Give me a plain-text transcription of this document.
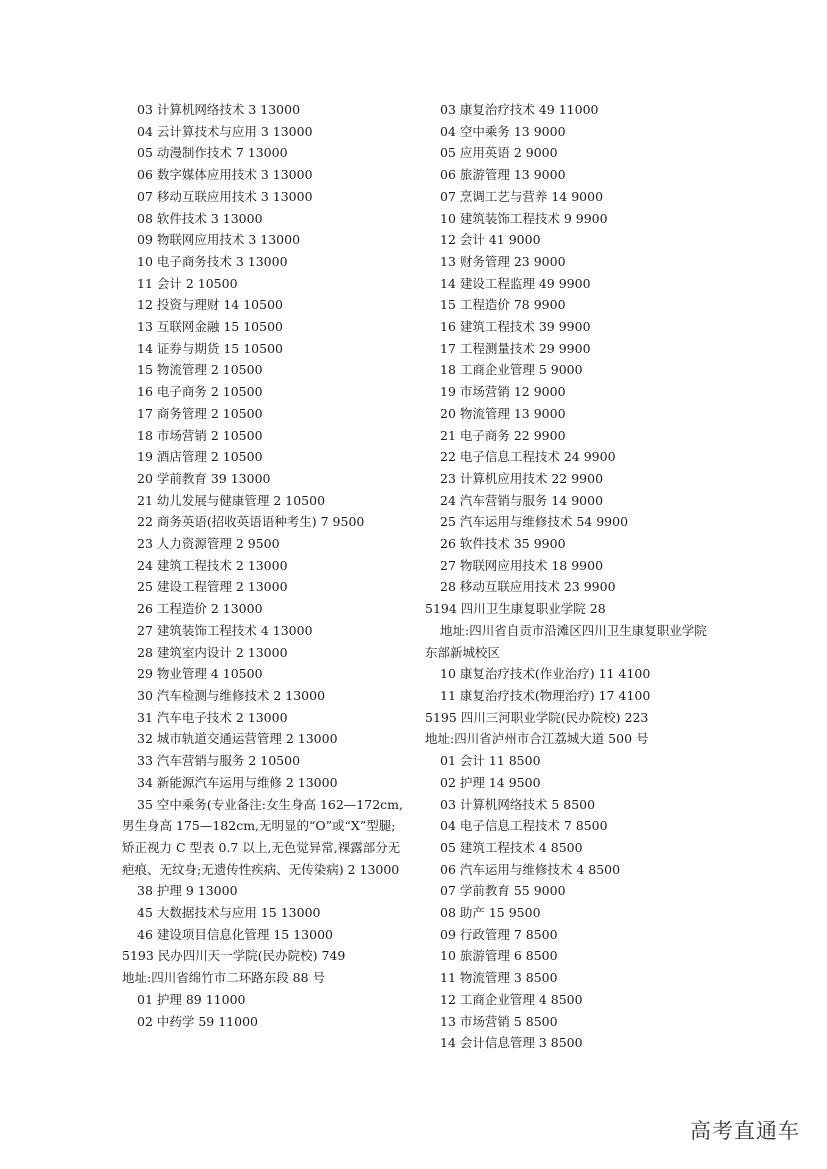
03 计算机网络技术 3 13000
04 云计算技术与应用 3 13000
05 动漫制作技术 7 13000
06 数字媒体应用技术 3 13000
07 移动互联应用技术 3 13000
08 软件技术 3 13000
09 物联网应用技术 3 13000
10 电子商务技术 3 13000
11 会计 2 10500
12 投资与理财 14 10500
13 互联网金融 15 10500
14 证券与期货 15 10500
15 物流管理 2 10500
16 电子商务 2 10500
17 商务管理 2 10500
18 市场营销 2 10500
19 酒店管理 2 10500
20 学前教育 39 13000
21 幼儿发展与健康管理 2 10500
22 商务英语(招收英语语种考生) 7 9500
23 人力资源管理 2 9500
24 建筑工程技术 2 13000
25 建设工程管理 2 13000
26 工程造价 2 13000
27 建筑装饰工程技术 4 13000
28 建筑室内设计 2 13000
29 物业管理 4 10500
30 汽车检测与维修技术 2 13000
31 汽车电子技术 2 13000
32 城市轨道交通运营管理 2 13000
33 汽车营销与服务 2 10500
34 新能源汽车运用与维修 2 13000
35 空中乘务(专业备注:女生身高 162—172cm,男生身高 175—182cm,无明显的“O”或“X”型腿;矫正视力 C 型表 0.7 以上,无色觉异常,裸露部分无疤痕、无纹身;无遗传性疾病、无传染病) 2 13000
38 护理 9 13000
45 大数据技术与应用 15 13000
46 建设项目信息化管理 15 13000
5193 民办四川天一学院(民办院校) 749
地址:四川省绵竹市二环路东段 88 号
01 护理 89 11000
02 中药学 59 11000
03 康复治疗技术 49 11000
04 空中乘务 13 9000
05 应用英语 2 9000
06 旅游管理 13 9000
07 烹调工艺与营养 14 9000
10 建筑装饰工程技术 9 9900
12 会计 41 9000
13 财务管理 23 9000
14 建设工程监理 49 9900
15 工程造价 78 9900
16 建筑工程技术 39 9900
17 工程测量技术 29 9900
18 工商企业管理 5 9000
19 市场营销 12 9000
20 物流管理 13 9000
21 电子商务 22 9900
22 电子信息工程技术 24 9900
23 计算机应用技术 22 9900
24 汽车营销与服务 14 9000
25 汽车运用与维修技术 54 9900
26 软件技术 35 9900
27 物联网应用技术 18 9900
28 移动互联应用技术 23 9900
5194 四川卫生康复职业学院 28
地址:四川省自贡市沿滩区四川卫生康复职业学院东部新城校区
10 康复治疗技术(作业治疗) 11 4100
11 康复治疗技术(物理治疗) 17 4100
5195 四川三河职业学院(民办院校) 223
地址:四川省泸州市合江荔城大道 500 号
01 会计 11 8500
02 护理 14 9500
03 计算机网络技术 5 8500
04 电子信息工程技术 7 8500
05 建筑工程技术 4 8500
06 汽车运用与维修技术 4 8500
07 学前教育 55 9000
08 助产 15 9500
09 行政管理 7 8500
10 旅游管理 6 8500
11 物流管理 3 8500
12 工商企业管理 4 8500
13 市场营销 5 8500
14 会计信息管理 3 8500
高考直通车
